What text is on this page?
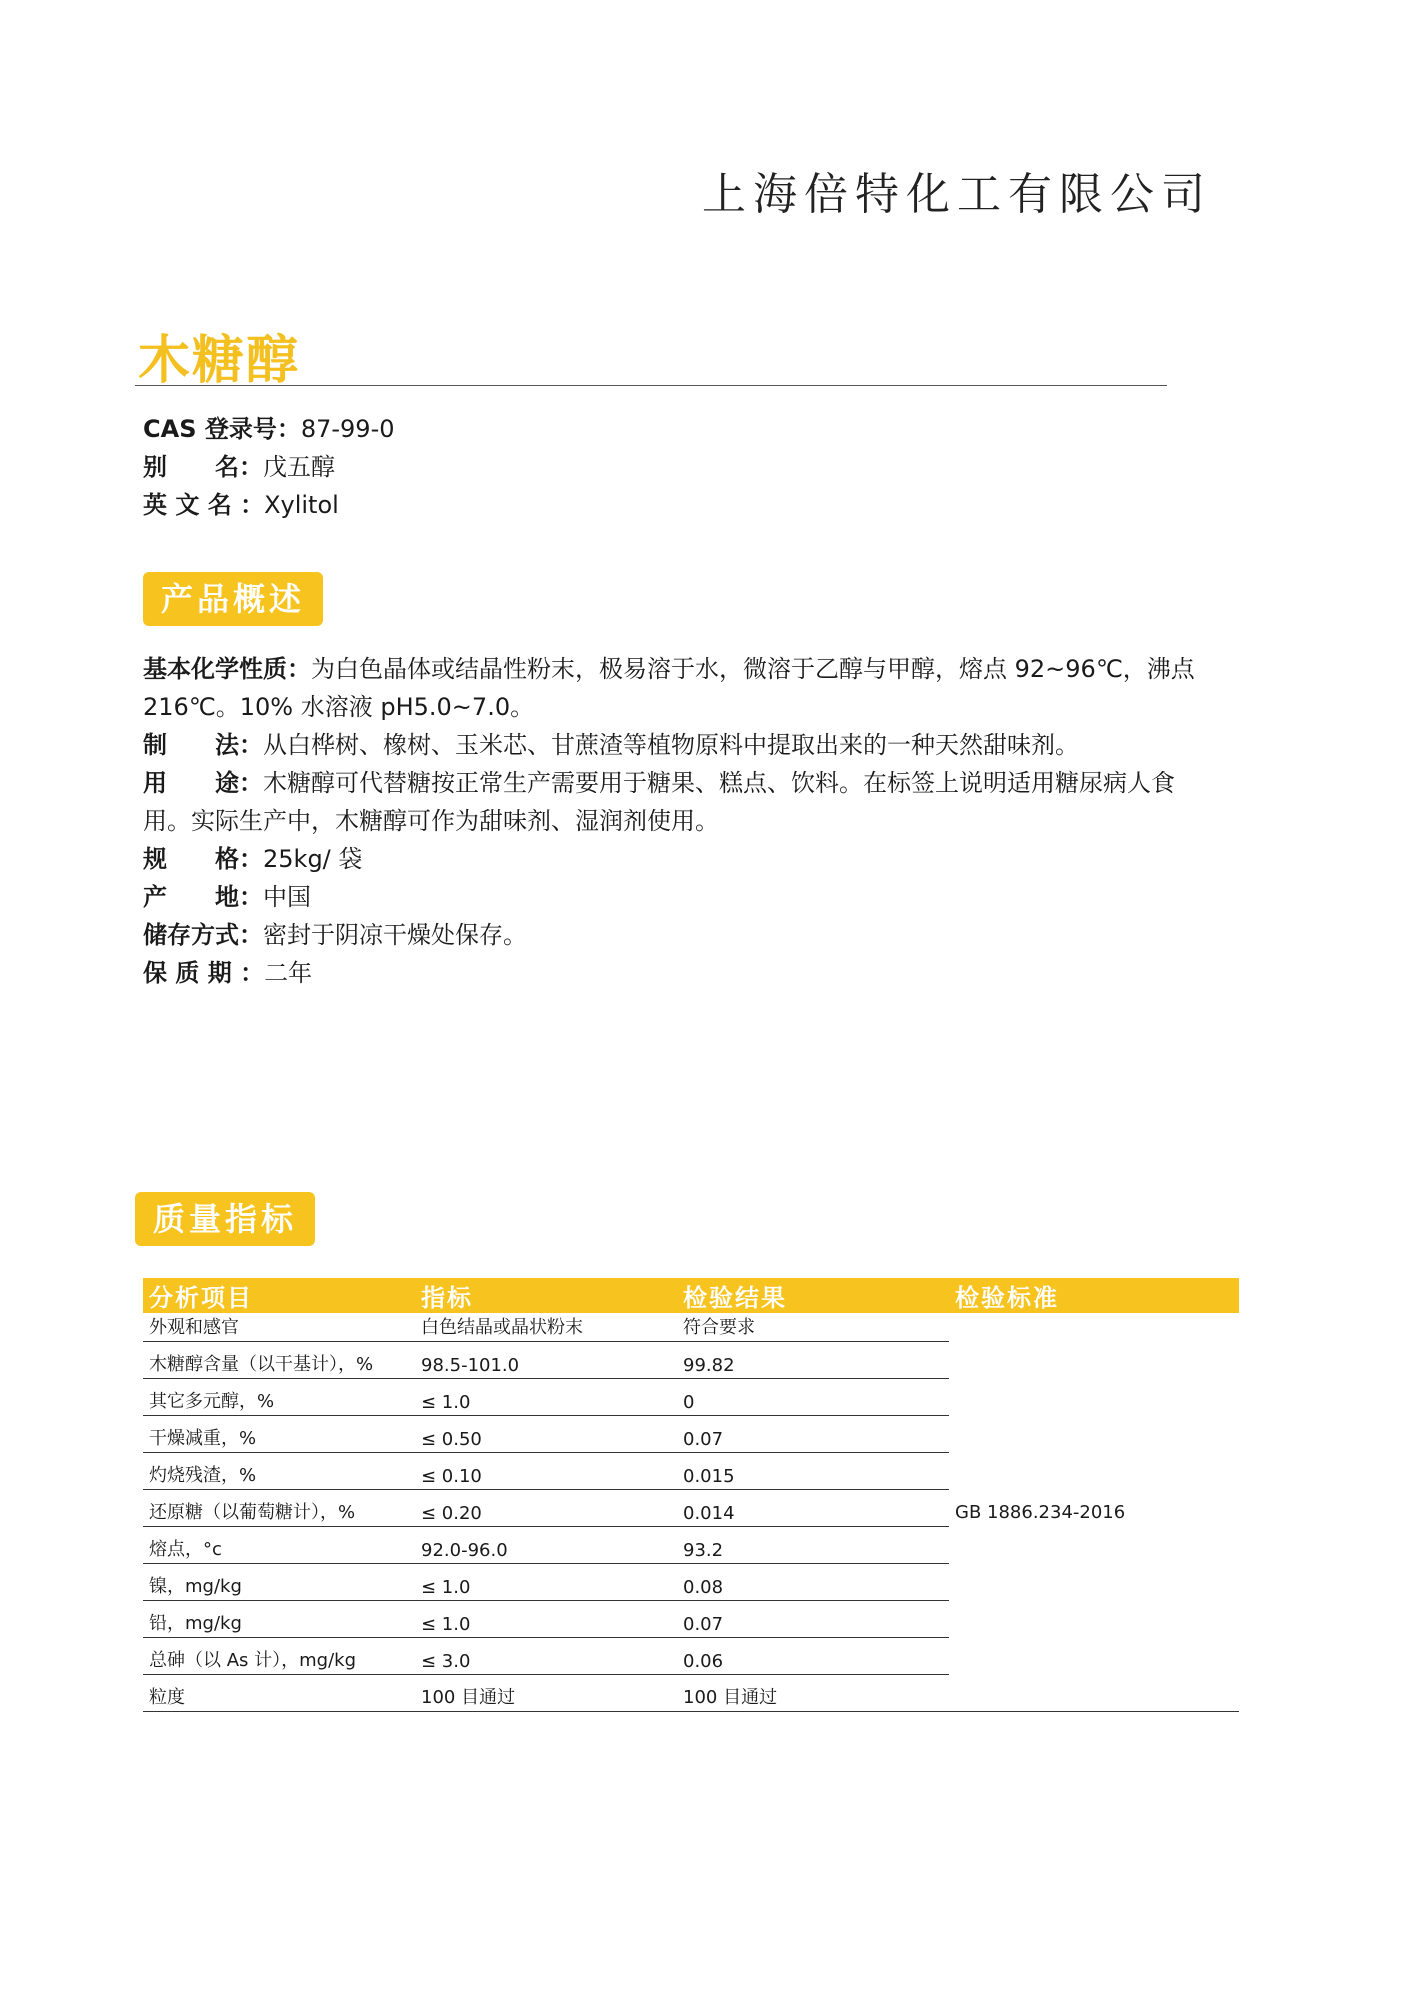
上海倍特化工有限公司
木糖醇
CAS 登录号：87-99-0
别　　名：戊五醇
英 文 名 ：Xylitol
产品概述
基本化学性质：为白色晶体或结晶性粉末，极易溶于水，微溶于乙醇与甲醇，熔点 92~96℃，沸点
216℃。10% 水溶液 pH5.0~7.0。
制　　法：从白桦树、橡树、玉米芯、甘蔗渣等植物原料中提取出来的一种天然甜味剂。
用　　途：木糖醇可代替糖按正常生产需要用于糖果、糕点、饮料。在标签上说明适用糖尿病人食
用。实际生产中，木糖醇可作为甜味剂、湿润剂使用。
规　　格：25kg/ 袋
产　　地：中国
储存方式：密封于阴凉干燥处保存。
保 质 期 ：二年
质量指标
分析项目	指标	检验结果	检验标准
外观和感官	白色结晶或晶状粉末	符合要求	GB 1886.234-2016
木糖醇含量（以干基计），%	98.5-101.0	99.82	
其它多元醇，%	≤ 1.0	0	
干燥减重，%	≤ 0.50	0.07	
灼烧残渣，%	≤ 0.10	0.015	
还原糖（以葡萄糖计），%	≤ 0.20	0.014	
熔点，°c	92.0-96.0	93.2	
镍，mg/kg	≤ 1.0	0.08	
铅，mg/kg	≤ 1.0	0.07	
总砷（以 As 计），mg/kg	≤ 3.0	0.06	
粒度	100 目通过	100 目通过	
